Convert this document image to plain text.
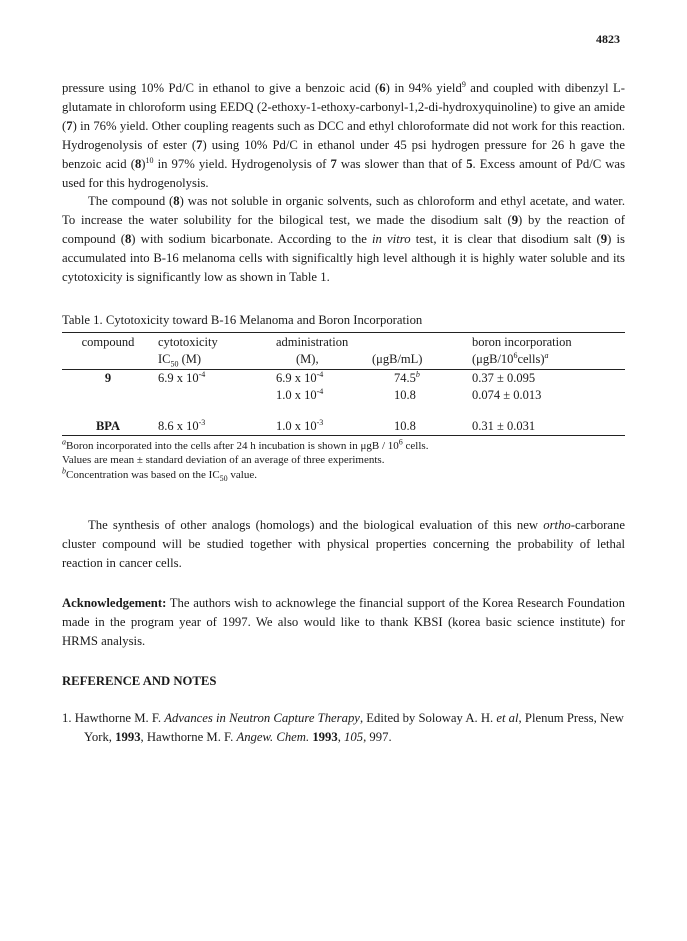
4823

pressure using 10% Pd/C in ethanol to give a benzoic acid (6) in 94% yield$^9$ and coupled with dibenzyl L-glutamate in chloroform using EEDQ (2-ethoxy-1-ethoxy-carbonyl-1,2-di-hydroxyquinoline) to give an amide (7) in 76% yield. Other coupling reagents such as DCC and ethyl chloroformate did not work for this reaction. Hydrogenolysis of ester (7) using 10% Pd/C in ethanol under 45 psi hydrogen pressure for 26 h gave the benzoic acid $(8)^{10}$ in 97% yield. Hydrogenolysis of 7 was slower than that of 5. Excess amount of Pd/C was used for this hydrogenolysis.

The compound (8) was not soluble in organic solvents, such as chloroform and ethyl acetate, and water. To increase the water solubility for the bilogical test, we made the disodium salt (9) by the reaction of compound (8) with sodium bicarbonate. According to the in vitro test, it is clear that disodium salt (9) is accumulated into B-16 melanoma cells with significaltly high level although it is highly water soluble and its cytotoxicity is significantly low as shown in Table 1.

Table 1. Cytotoxicity toward B-16 Melanoma and Boron Incorporation

compound	cytotoxicity	administration		boron incorporation
	$IC_{50}$ (M)	(M),	(μgB/mL)	$(\mu gB/10^6cells)^a$
9	6.9 x $10^{-4}$	6.9 x $10^{-4}$	74.5$^b$	0.37 ± 0.095
		1.0 x $10^{-4}$	10.8	0.074 ± 0.013
BPA	8.6 x $10^{-3}$	1.0 x $10^{-3}$	10.8	0.31 ± 0.031

$^a$Boron incorporated into the cells after 24 h incubation is shown in μgB / $10^6$ cells.

Values are mean ± standard deviation of an average of three experiments.

$^b$Concentration was based on the $IC_{50}$ value.

The synthesis of other analogs (homologs) and the biological evaluation of this new ortho-carborane cluster compound will be studied together with physical properties concerning the probability of lethal reaction in cancer cells.

Acknowledgement: The authors wish to acknowlege the financial support of the Korea Research Foundation made in the program year of 1997. We also would like to thank KBSI (korea basic science institute) for HRMS analysis.

REFERENCE AND NOTES

1. Hawthorne M. F. Advances in Neutron Capture Therapy, Edited by Soloway A. H. et al, Plenum Press, New York, 1993, Hawthorne M. F. Angew. Chem. 1993, 105, 997.
